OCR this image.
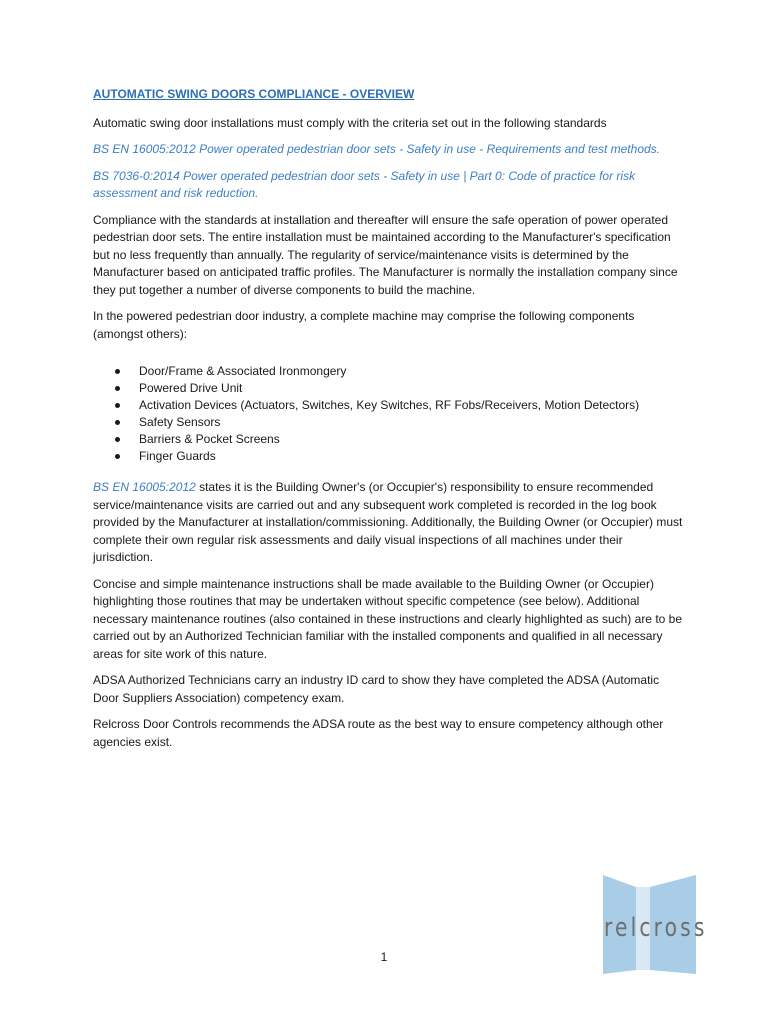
AUTOMATIC SWING DOORS COMPLIANCE - OVERVIEW

Automatic swing door installations must comply with the criteria set out in the following standards

BS EN 16005:2012 Power operated pedestrian door sets - Safety in use - Requirements and test methods.

BS 7036-0:2014 Power operated pedestrian door sets - Safety in use | Part 0: Code of practice for risk assessment and risk reduction.

Compliance with the standards at installation and thereafter will ensure the safe operation of power operated pedestrian door sets. The entire installation must be maintained according to the Manufacturer's specification but no less frequently than annually. The regularity of service/maintenance visits is determined by the Manufacturer based on anticipated traffic profiles. The Manufacturer is normally the installation company since they put together a number of diverse components to build the machine.

In the powered pedestrian door industry, a complete machine may comprise the following components (amongst others):

Door/Frame & Associated Ironmongery
Powered Drive Unit
Activation Devices (Actuators, Switches, Key Switches, RF Fobs/Receivers, Motion Detectors)
Safety Sensors
Barriers & Pocket Screens
Finger Guards

BS EN 16005:2012 states it is the Building Owner's (or Occupier's) responsibility to ensure recommended service/maintenance visits are carried out and any subsequent work completed is recorded in the log book provided by the Manufacturer at installation/commissioning. Additionally, the Building Owner (or Occupier) must complete their own regular risk assessments and daily visual inspections of all machines under their jurisdiction.

Concise and simple maintenance instructions shall be made available to the Building Owner (or Occupier) highlighting those routines that may be undertaken without specific competence (see below). Additional necessary maintenance routines (also contained in these instructions and clearly highlighted as such) are to be carried out by an Authorized Technician familiar with the installed components and qualified in all necessary areas for site work of this nature.

ADSA Authorized Technicians carry an industry ID card to show they have completed the ADSA (Automatic Door Suppliers Association) competency exam.

Relcross Door Controls recommends the ADSA route as the best way to ensure competency although other agencies exist.

1
relcross
